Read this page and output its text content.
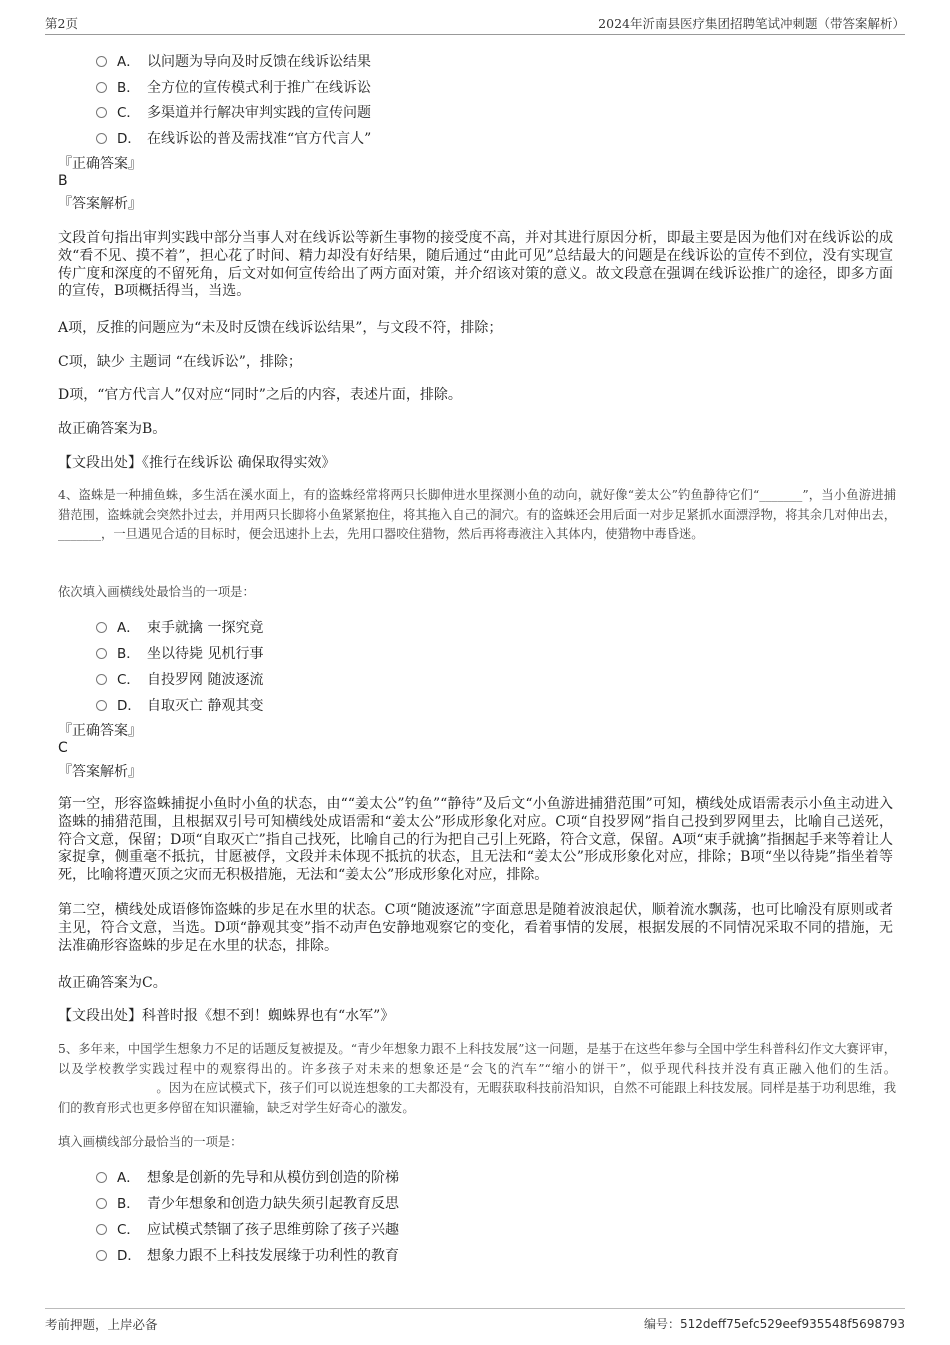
第2页	2024年沂南县医疗集团招聘笔试冲刺题（带答案解析）
A． 以问题为导向及时反馈在线诉讼结果
B． 全方位的宣传模式利于推广在线诉讼
C． 多渠道并行解决审判实践的宣传问题
D． 在线诉讼的普及需找准“官方代言人”
『正确答案』
B
『答案解析』
文段首句指出审判实践中部分当事人对在线诉讼等新生事物的接受度不高，并对其进行原因分析，即最主要是因为他们对在线诉讼的成效“看不见、摸不着”，担心花了时间、精力却没有好结果，随后通过“由此可见”总结最大的问题是在线诉讼的宣传不到位，没有实现宣传广度和深度的不留死角，后文对如何宣传给出了两方面对策，并介绍该对策的意义。故文段意在强调在线诉讼推广的途径，即多方面的宣传，B项概括得当，当选。
A项，反推的问题应为“未及时反馈在线诉讼结果”，与文段不符，排除；
C项，缺少 主题词 “在线诉讼”，排除；
D项，“官方代言人”仅对应“同时”之后的内容，表述片面，排除。
故正确答案为B。
【文段出处】《推行在线诉讼 确保取得实效》
4、盗蛛是一种捕鱼蛛，多生活在溪水面上，有的盗蛛经常将两只长脚伸进水里探测小鱼的动向，就好像“姜太公”钓鱼静待它们“_______”，当小鱼游进捕猎范围，盗蛛就会突然扑过去，并用两只长脚将小鱼紧紧抱住，将其拖入自己的洞穴。有的盗蛛还会用后面一对步足紧抓水面漂浮物，将其余几对伸出去，_______，一旦遇见合适的目标时，便会迅速扑上去，先用口器咬住猎物，然后再将毒液注入其体内，使猎物中毒昏迷。
依次填入画横线处最恰当的一项是：
A． 束手就擒 一探究竟
B． 坐以待毙 见机行事
C． 自投罗网 随波逐流
D． 自取灭亡 静观其变
『正确答案』
C
『答案解析』
第一空，形容盗蛛捕捉小鱼时小鱼的状态，由““姜太公”钓鱼”“静待”及后文“小鱼游进捕猎范围”可知，横线处成语需表示小鱼主动进入盗蛛的捕猎范围，且根据双引号可知横线处成语需和“姜太公”形成形象化对应。C项“自投罗网”指自己投到罗网里去，比喻自己送死，符合文意，保留；D项“自取灭亡”指自己找死，比喻自己的行为把自己引上死路，符合文意，保留。A项“束手就擒”指捆起手来等着让人家捉拿，侧重毫不抵抗，甘愿被俘，文段并未体现不抵抗的状态，且无法和“姜太公”形成形象化对应，排除；B项“坐以待毙”指坐着等死，比喻将遭灭顶之灾而无积极措施，无法和“姜太公”形成形象化对应，排除。
第二空，横线处成语修饰盗蛛的步足在水里的状态。C项“随波逐流”字面意思是随着波浪起伏，顺着流水飘荡，也可比喻没有原则或者主见，符合文意，当选。D项“静观其变”指不动声色安静地观察它的变化，看着事情的发展，根据发展的不同情况采取不同的措施，无法准确形容盗蛛的步足在水里的状态，排除。
故正确答案为C。
【文段出处】科普时报《想不到！蜘蛛界也有“水军”》
5、多年来，中国学生想象力不足的话题反复被提及。“青少年想象力跟不上科技发展”这一问题，是基于在这些年参与全国中学生科普科幻作文大赛评审，以及学校教学实践过程中的观察得出的。许多孩子对未来的想象还是“会飞的汽车”“缩小的饼干”，似乎现代科技并没有真正融入他们的生活。。因为在应试模式下，孩子们可以说连想象的工夫都没有，无暇获取科技前沿知识，自然不可能跟上科技发展。同样是基于功利思维，我们的教育形式也更多停留在知识灌输，缺乏对学生好奇心的激发。
填入画横线部分最恰当的一项是：
A． 想象是创新的先导和从模仿到创造的阶梯
B． 青少年想象和创造力缺失须引起教育反思
C． 应试模式禁锢了孩子思维剪除了孩子兴趣
D． 想象力跟不上科技发展缘于功利性的教育
考前押题，上岸必备	编号：512deff75efc529eef935548f5698793
